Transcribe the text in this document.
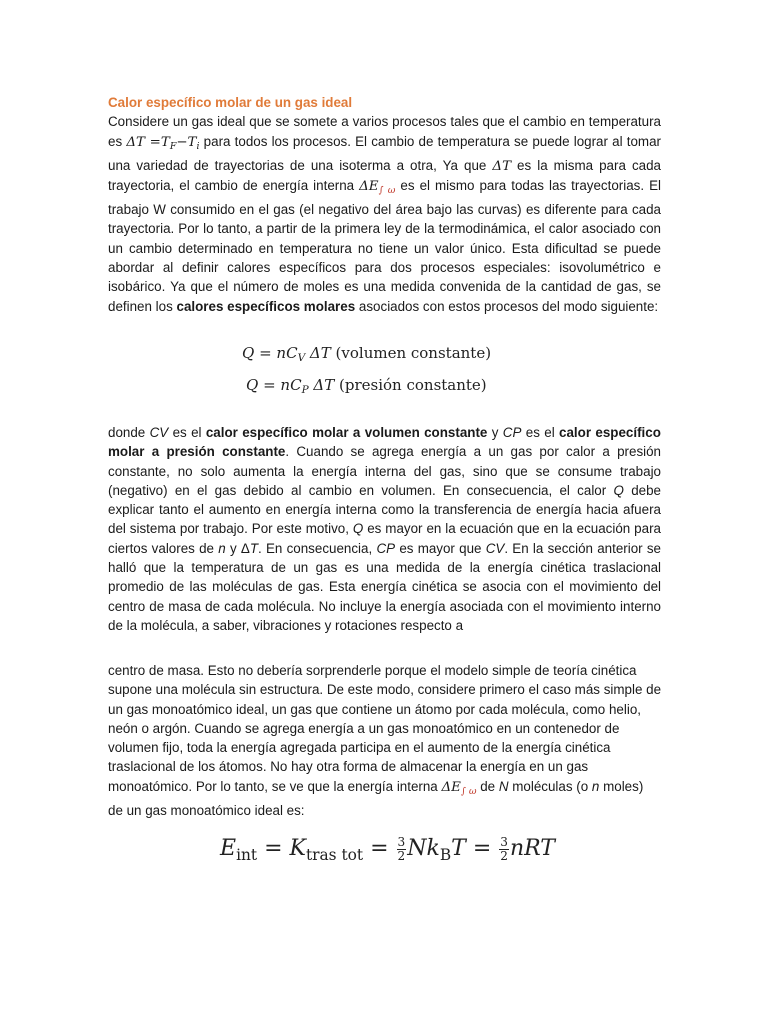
Calor específico molar de un gas ideal
Considere un gas ideal que se somete a varios procesos tales que el cambio en temperatura es $\Delta T =T_F-T_i$ para todos los procesos. El cambio de temperatura se puede lograr al tomar una variedad de trayectorias de una isoterma a otra, Ya que ΔT es la misma para cada trayectoria, el cambio de energía interna $\Delta E_{\int \omega}$ es el mismo para todas las trayectorias. El trabajo W consumido en el gas (el negativo del área bajo las curvas) es diferente para cada trayectoria. Por lo tanto, a partir de la primera ley de la termodinámica, el calor asociado con un cambio determinado en temperatura no tiene un valor único. Esta dificultad se puede abordar al definir calores específicos para dos procesos especiales: isovolumétrico e isobárico. Ya que el número de moles es una medida convenida de la cantidad de gas, se definen los calores específicos molares asociados con estos procesos del modo siguiente:
$Q = nC_V$ ΔT (volumen constante)
$Q = nC_P$ ΔT (presión constante)
donde CV es el calor específico molar a volumen constante y CP es el calor específico molar a presión constante. Cuando se agrega energía a un gas por calor a presión constante, no solo aumenta la energía interna del gas, sino que se consume trabajo (negativo) en el gas debido al cambio en volumen. En consecuencia, el calor Q debe explicar tanto el aumento en energía interna como la transferencia de energía hacia afuera del sistema por trabajo. Por este motivo, Q es mayor en la ecuación que en la ecuación para ciertos valores de n y ΔT. En consecuencia, CP es mayor que CV. En la sección anterior se halló que la temperatura de un gas es una medida de la energía cinética traslacional promedio de las moléculas de gas. Esta energía cinética se asocia con el movimiento del centro de masa de cada molécula. No incluye la energía asociada con el movimiento interno de la molécula, a saber, vibraciones y rotaciones respecto a
centro de masa. Esto no debería sorprenderle porque el modelo simple de teoría cinética supone una molécula sin estructura. De este modo, considere primero el caso más simple de un gas monoatómico ideal, un gas que contiene un átomo por cada molécula, como helio, neón o argón. Cuando se agrega energía a un gas monoatómico en un contenedor de volumen fijo, toda la energía agregada participa en el aumento de la energía cinética traslacional de los átomos. No hay otra forma de almacenar la energía en un gas monoatómico. Por lo tanto, se ve que la energía interna $\Delta E_{\int \omega}$ de N moléculas (o n moles) de un gas monoatómico ideal es:
$E_{int} = K_{tras tot} = \frac{3}{2} Nk_BT = \frac{3}{2}$ nRT
